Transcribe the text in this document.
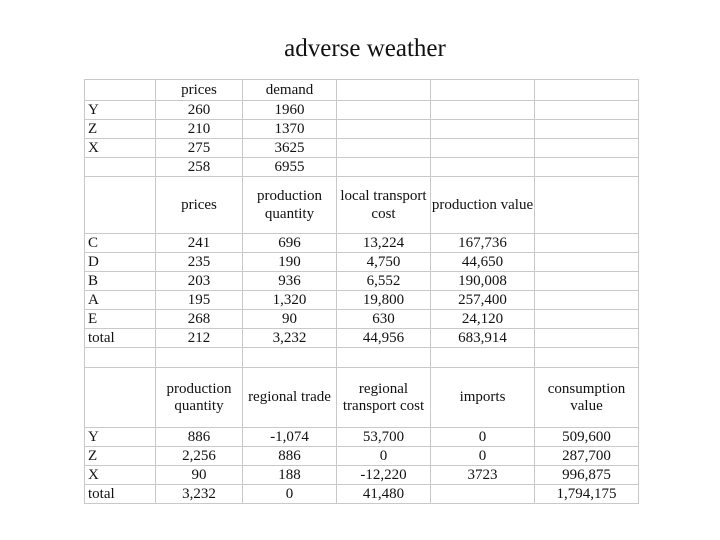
adverse weather
	prices	demand			
Y	260	1960			
Z	210	1370			
X	275	3625			
	258	6955			
	prices	production quantity	local transport cost	production value	
C	241	696	13,224	167,736	
D	235	190	4,750	44,650	
B	203	936	6,552	190,008	
A	195	1,320	19,800	257,400	
E	268	90	630	24,120	
total	212	3,232	44,956	683,914	

	production quantity	regional trade	regional transport cost	imports	consumption value
Y	886	-1,074	53,700	0	509,600
Z	2,256	886	0	0	287,700
X	90	188	-12,220	3723	996,875
total	3,232	0	41,480		1,794,175
